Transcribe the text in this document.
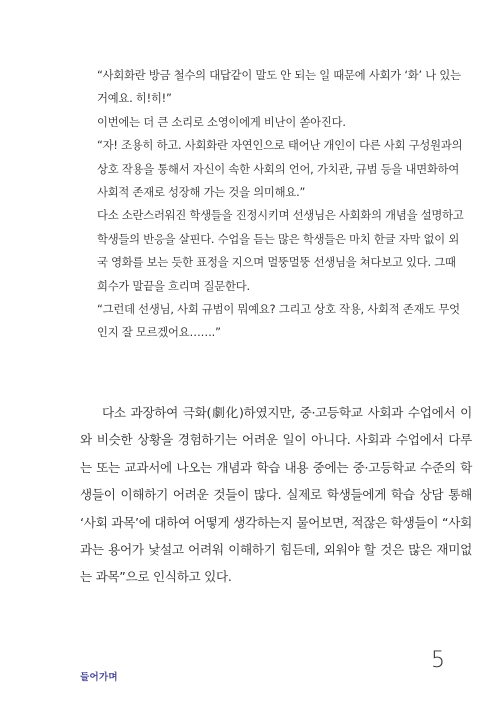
“사회화란 방금 철수의 대답같이 말도 안 되는 일 때문에 사회가 ‘화’ 나 있는 거예요. 히!히!”

이번에는 더 큰 소리로 소영이에게 비난이 쏟아진다.

“자! 조용히 하고. 사회화란 자연인으로 태어난 개인이 다른 사회 구성원과의 상호 작용을 통해서 자신이 속한 사회의 언어, 가치관, 규범 등을 내면화하여 사회적 존재로 성장해 가는 것을 의미해요.”

다소 소란스러워진 학생들을 진정시키며 선생님은 사회화의 개념을 설명하고 학생들의 반응을 살핀다. 수업을 듣는 많은 학생들은 마치 한글 자막 없이 외국 영화를 보는 듯한 표정을 지으며 멀뚱멀뚱 선생님을 쳐다보고 있다. 그때 희수가 말끝을 흐리며 질문한다.

“그런데 선생님, 사회 규범이 뭐예요? 그리고 상호 작용, 사회적 존재도 무엇인지 잘 모르겠어요…….”

다소 과장하여 극화(劇化)하였지만, 중·고등학교 사회과 수업에서 이와 비슷한 상황을 경험하기는 어려운 일이 아니다. 사회과 수업에서 다루는 또는 교과서에 나오는 개념과 학습 내용 중에는 중·고등학교 수준의 학생들이 이해하기 어려운 것들이 많다. 실제로 학생들에게 학습 상담 통해 ‘사회 과목’에 대하여 어떻게 생각하는지 물어보면, 적잖은 학생들이 “사회과는 용어가 낯설고 어려워 이해하기 힘든데, 외워야 할 것은 많은 재미없는 과목”으로 인식하고 있다.

들어가며
5
